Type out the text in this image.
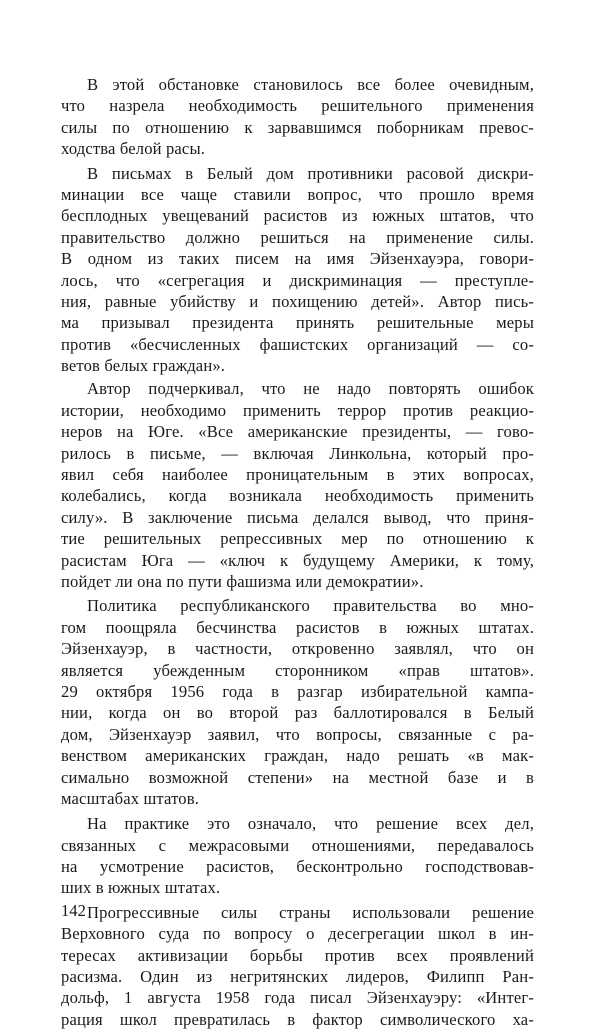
В этой обстановке становилось все более очевидным,
что назрела необходимость решительного применения
силы по отношению к зарвавшимся поборникам превос-
ходства белой расы.
В письмах в Белый дом противники расовой дискри-
минации все чаще ставили вопрос, что прошло время
бесплодных увещеваний расистов из южных штатов, что
правительство должно решиться на применение силы.
В одном из таких писем на имя Эйзенхауэра, говори-
лось, что «сегрегация и дискриминация — преступле-
ния, равные убийству и похищению детей». Автор пись-
ма призывал президента принять решительные меры
против «бесчисленных фашистских организаций — со-
ветов белых граждан».
Автор подчеркивал, что не надо повторять ошибок
истории, необходимо применить террор против реакцио-
неров на Юге. «Все американские президенты, — гово-
рилось в письме, — включая Линкольна, который про-
явил себя наиболее проницательным в этих вопросах,
колебались, когда возникала необходимость применить
силу». В заключение письма делался вывод, что приня-
тие решительных репрессивных мер по отношению к
расистам Юга — «ключ к будущему Америки, к тому,
пойдет ли она по пути фашизма или демократии».
Политика республиканского правительства во мно-
гом поощряла бесчинства расистов в южных штатах.
Эйзенхауэр, в частности, откровенно заявлял, что он
является убежденным сторонником «прав штатов».
29 октября 1956 года в разгар избирательной кампа-
нии, когда он во второй раз баллотировался в Белый
дом, Эйзенхауэр заявил, что вопросы, связанные с ра-
венством американских граждан, надо решать «в мак-
симально возможной степени» на местной базе и в
масштабах штатов.
На практике это означало, что решение всех дел,
связанных с межрасовыми отношениями, передавалось
на усмотрение расистов, бесконтрольно господствовав-
ших в южных штатах.
Прогрессивные силы страны использовали решение
Верховного суда по вопросу о десегрегации школ в ин-
тересах активизации борьбы против всех проявлений
расизма. Один из негритянских лидеров, Филипп Ран-
дольф, 1 августа 1958 года писал Эйзенхауэру: «Интег-
рация школ превратилась в фактор символического ха-
142
